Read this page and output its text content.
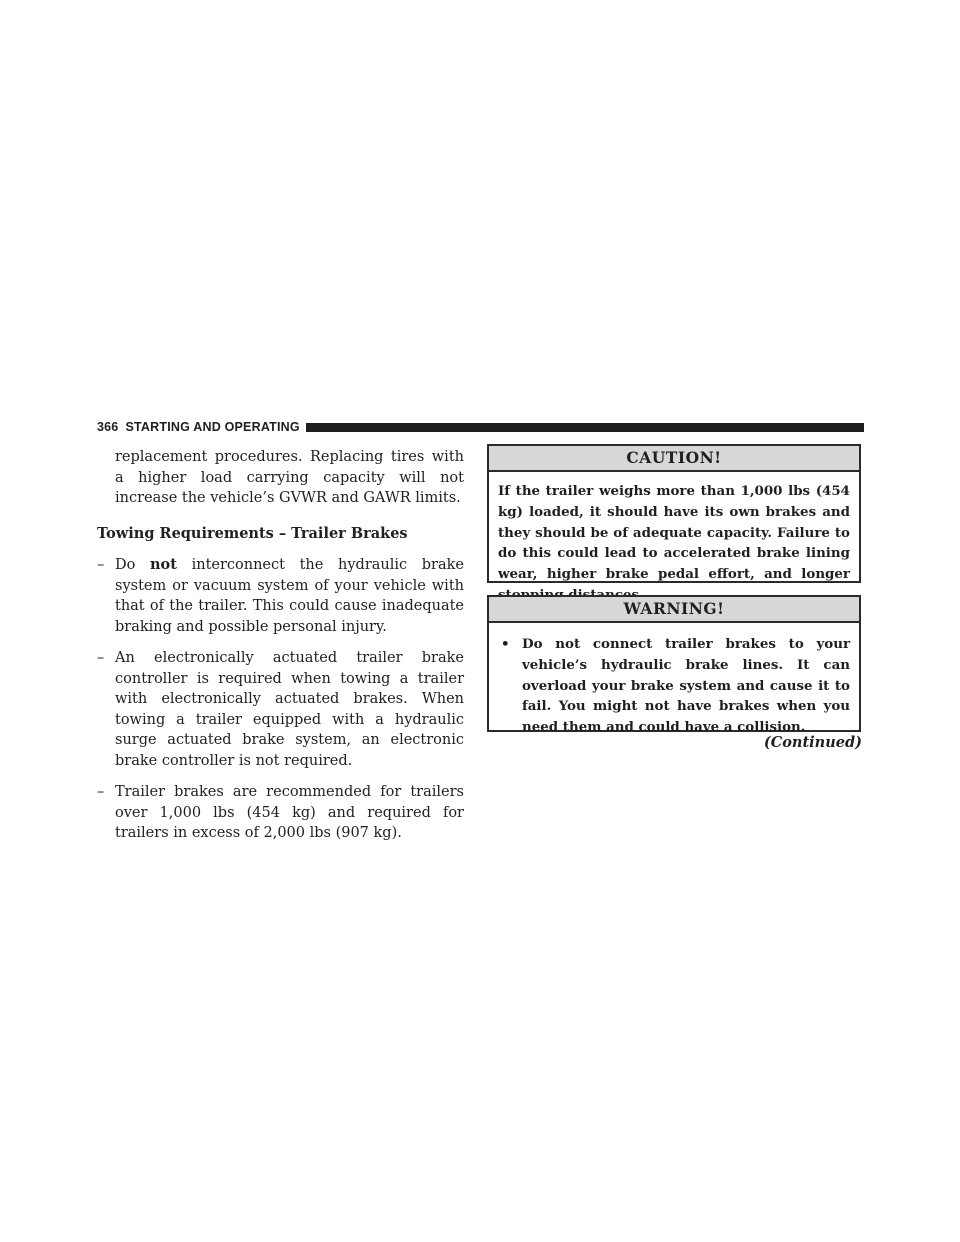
366 STARTING AND OPERATING

replacement procedures. Replacing tires with a higher load carrying capacity will not increase the vehicle’s GVWR and GAWR limits.

Towing Requirements – Trailer Brakes
– Do not interconnect the hydraulic brake system or vacuum system of your vehicle with that of the trailer. This could cause inadequate braking and possible personal injury.
– An electronically actuated trailer brake controller is required when towing a trailer with electronically actuated brakes. When towing a trailer equipped with a hydraulic surge actuated brake system, an electronic brake controller is not required.
– Trailer brakes are recommended for trailers over 1,000 lbs (454 kg) and required for trailers in excess of 2,000 lbs (907 kg).
CAUTION!
If the trailer weighs more than 1,000 lbs (454 kg) loaded, it should have its own brakes and they should be of adequate capacity. Failure to do this could lead to accelerated brake lining wear, higher brake pedal effort, and longer
WARNING!
• Do not connect trailer brakes to your vehicle’s hydraulic brake lines. It can overload your brake system and cause it to fail. You might not have brakes when you need them and could have a collision.
(Continued)
